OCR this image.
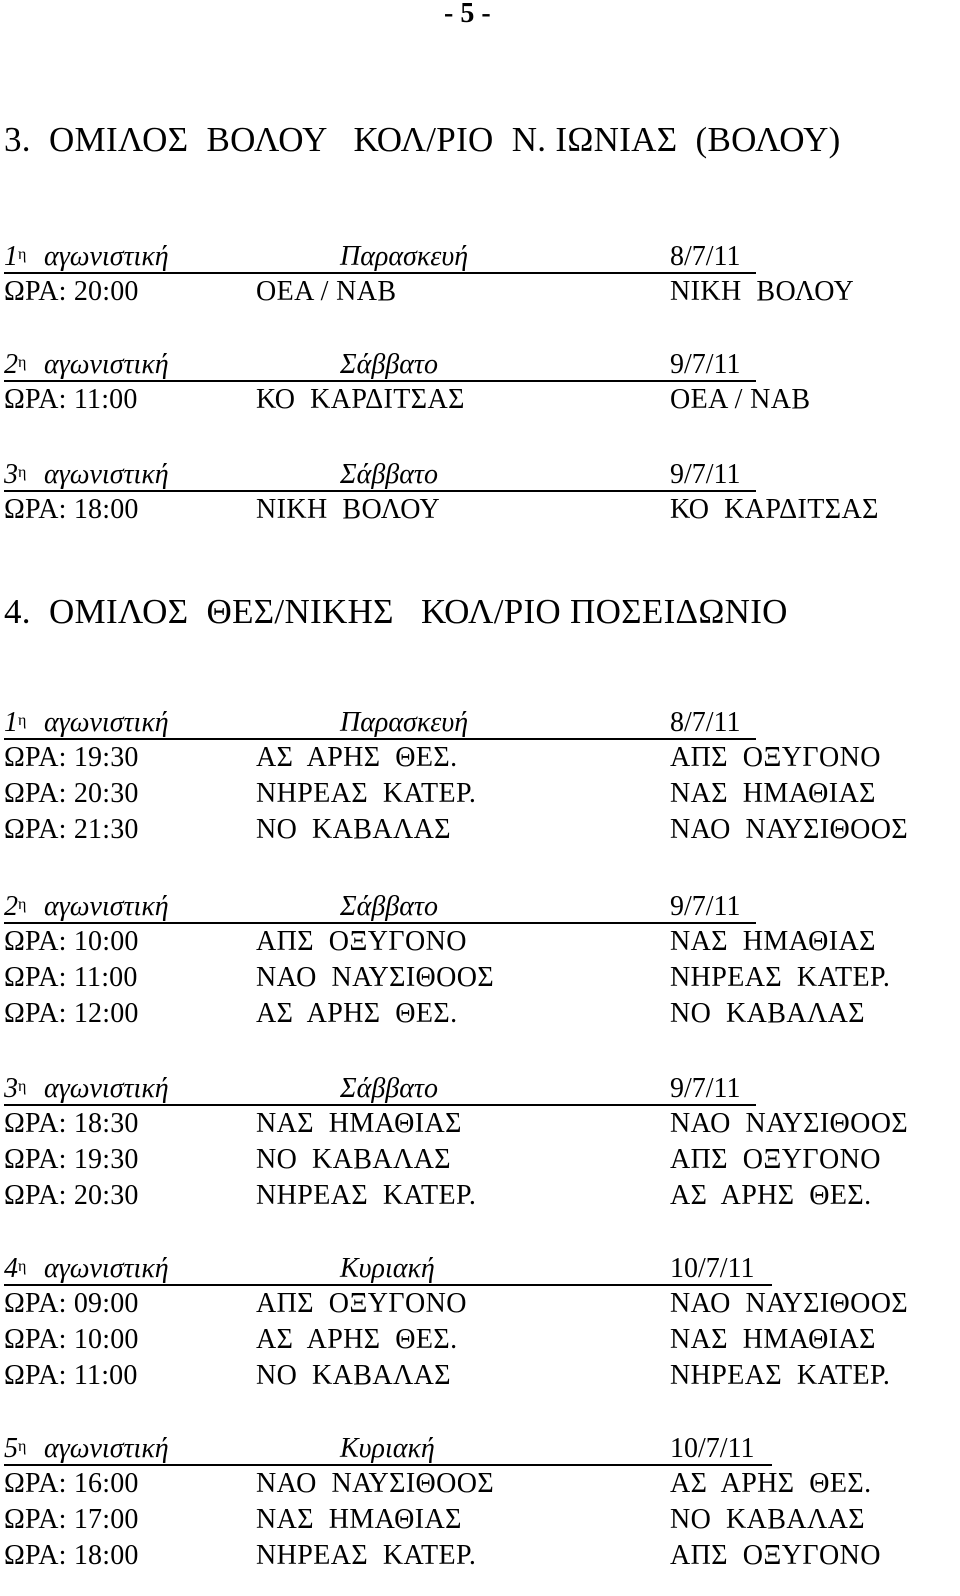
- 5 -
3.  ΟΜΙΛΟΣ  ΒΟΛΟΥ   ΚΟΛ/ΡΙΟ  Ν. ΙΩΝΙΑΣ  (ΒΟΛΟΥ)
$1^\eta$ αγωνιστική	Παρασκευή	8/7/11
ΩΡΑ: 20:00	ΟΕΑ / ΝΑΒ	ΝΙΚΗ  ΒΟΛΟΥ
$2^\eta$ αγωνιστική	Σάββατο	9/7/11
ΩΡΑ: 11:00	ΚΟ  ΚΑΡΔΙΤΣΑΣ	ΟΕΑ / ΝΑΒ
$3^\eta$ αγωνιστική	Σάββατο	9/7/11
ΩΡΑ: 18:00	ΝΙΚΗ  ΒΟΛΟΥ	ΚΟ  ΚΑΡΔΙΤΣΑΣ
4.  ΟΜΙΛΟΣ  ΘΕΣ/ΝΙΚΗΣ   ΚΟΛ/ΡΙΟ ΠΟΣΕΙΔΩΝΙΟ
$1^\eta$ αγωνιστική	Παρασκευή	8/7/11
ΩΡΑ: 19:30	ΑΣ  ΑΡΗΣ  ΘΕΣ.	ΑΠΣ  ΟΞΥΓΟΝΟ
ΩΡΑ: 20:30	ΝΗΡΕΑΣ  ΚΑΤΕΡ.	ΝΑΣ  ΗΜΑΘΙΑΣ
ΩΡΑ: 21:30	ΝΟ  ΚΑΒΑΛΑΣ	ΝΑΟ  ΝΑΥΣΙΘΟΟΣ
$2^\eta$ αγωνιστική	Σάββατο	9/7/11
ΩΡΑ: 10:00	ΑΠΣ  ΟΞΥΓΟΝΟ	ΝΑΣ  ΗΜΑΘΙΑΣ
ΩΡΑ: 11:00	ΝΑΟ  ΝΑΥΣΙΘΟΟΣ	ΝΗΡΕΑΣ  ΚΑΤΕΡ.
ΩΡΑ: 12:00	ΑΣ  ΑΡΗΣ  ΘΕΣ.	ΝΟ  ΚΑΒΑΛΑΣ
$3^\eta$ αγωνιστική	Σάββατο	9/7/11
ΩΡΑ: 18:30	ΝΑΣ  ΗΜΑΘΙΑΣ	ΝΑΟ  ΝΑΥΣΙΘΟΟΣ
ΩΡΑ: 19:30	ΝΟ  ΚΑΒΑΛΑΣ	ΑΠΣ  ΟΞΥΓΟΝΟ
ΩΡΑ: 20:30	ΝΗΡΕΑΣ  ΚΑΤΕΡ.	ΑΣ  ΑΡΗΣ  ΘΕΣ.
$4^\eta$ αγωνιστική	Κυριακή	10/7/11
ΩΡΑ: 09:00	ΑΠΣ  ΟΞΥΓΟΝΟ	ΝΑΟ  ΝΑΥΣΙΘΟΟΣ
ΩΡΑ: 10:00	ΑΣ  ΑΡΗΣ  ΘΕΣ.	ΝΑΣ  ΗΜΑΘΙΑΣ
ΩΡΑ: 11:00	ΝΟ  ΚΑΒΑΛΑΣ	ΝΗΡΕΑΣ  ΚΑΤΕΡ.
$5^\eta$ αγωνιστική	Κυριακή	10/7/11
ΩΡΑ: 16:00	ΝΑΟ  ΝΑΥΣΙΘΟΟΣ	ΑΣ  ΑΡΗΣ  ΘΕΣ.
ΩΡΑ: 17:00	ΝΑΣ  ΗΜΑΘΙΑΣ	ΝΟ  ΚΑΒΑΛΑΣ
ΩΡΑ: 18:00	ΝΗΡΕΑΣ  ΚΑΤΕΡ.	ΑΠΣ  ΟΞΥΓΟΝΟ
